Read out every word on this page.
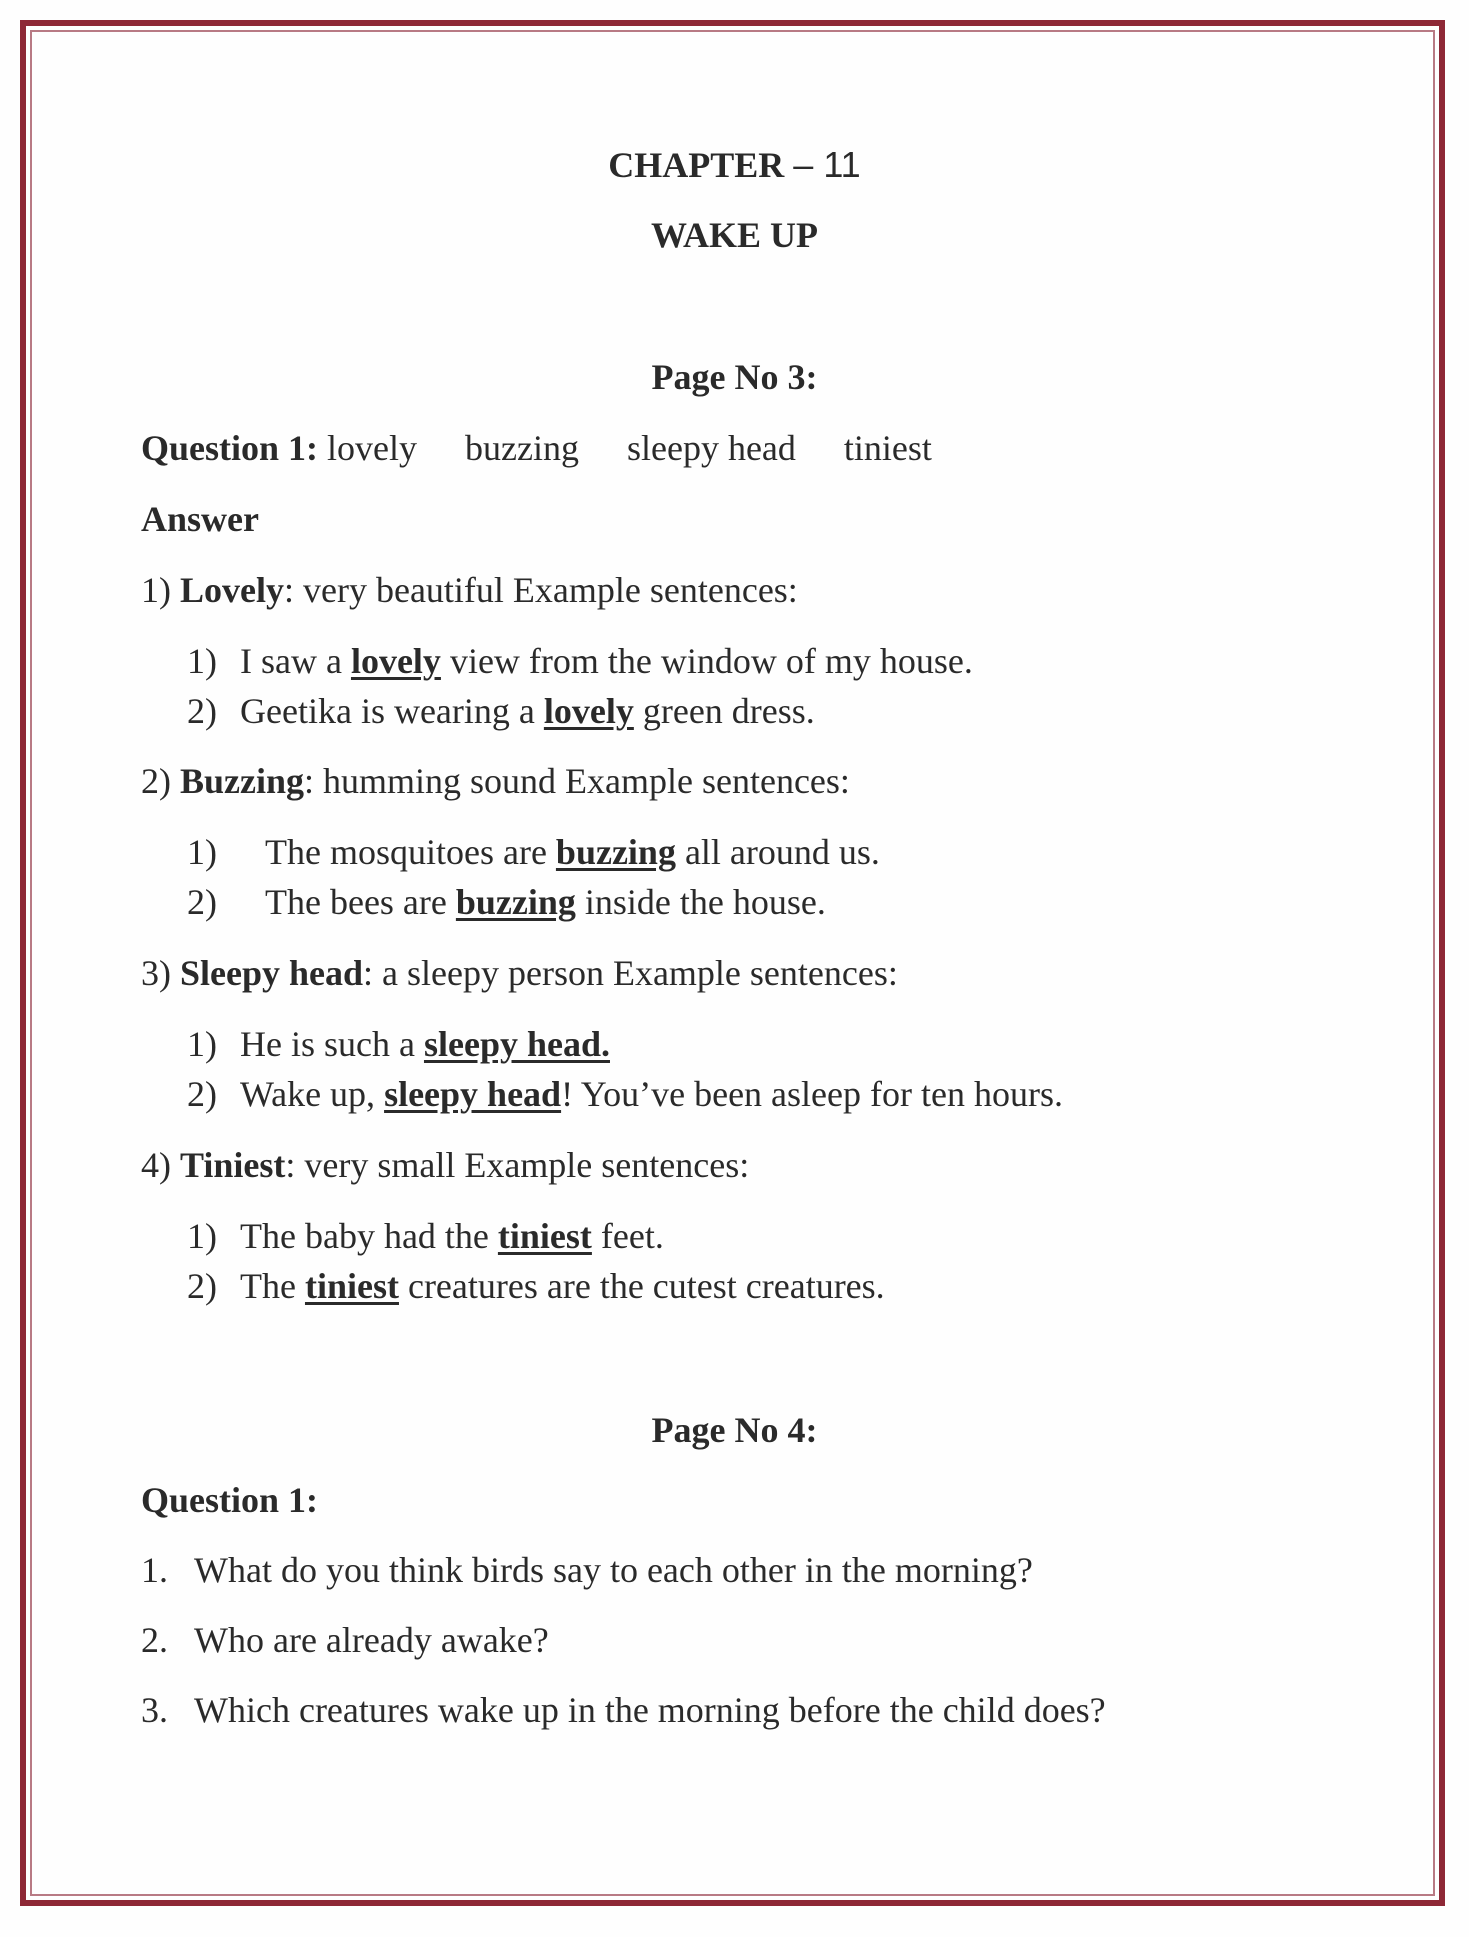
CHAPTER – 11
WAKE UP
Page No 3:
Question 1: lovely buzzing sleepy head tiniest
Answer
1) Lovely: very beautiful Example sentences:
1) I saw a lovely view from the window of my house.
2) Geetika is wearing a lovely green dress.
2) Buzzing: humming sound Example sentences:
1) The mosquitoes are buzzing all around us.
2) The bees are buzzing inside the house.
3) Sleepy head: a sleepy person Example sentences:
1) He is such a sleepy head.
2) Wake up, sleepy head! You’ve been asleep for ten hours.
4) Tiniest: very small Example sentences:
1) The baby had the tiniest feet.
2) The tiniest creatures are the cutest creatures.
Page No 4:
Question 1:
1. What do you think birds say to each other in the morning?
2. Who are already awake?
3. Which creatures wake up in the morning before the child does?
